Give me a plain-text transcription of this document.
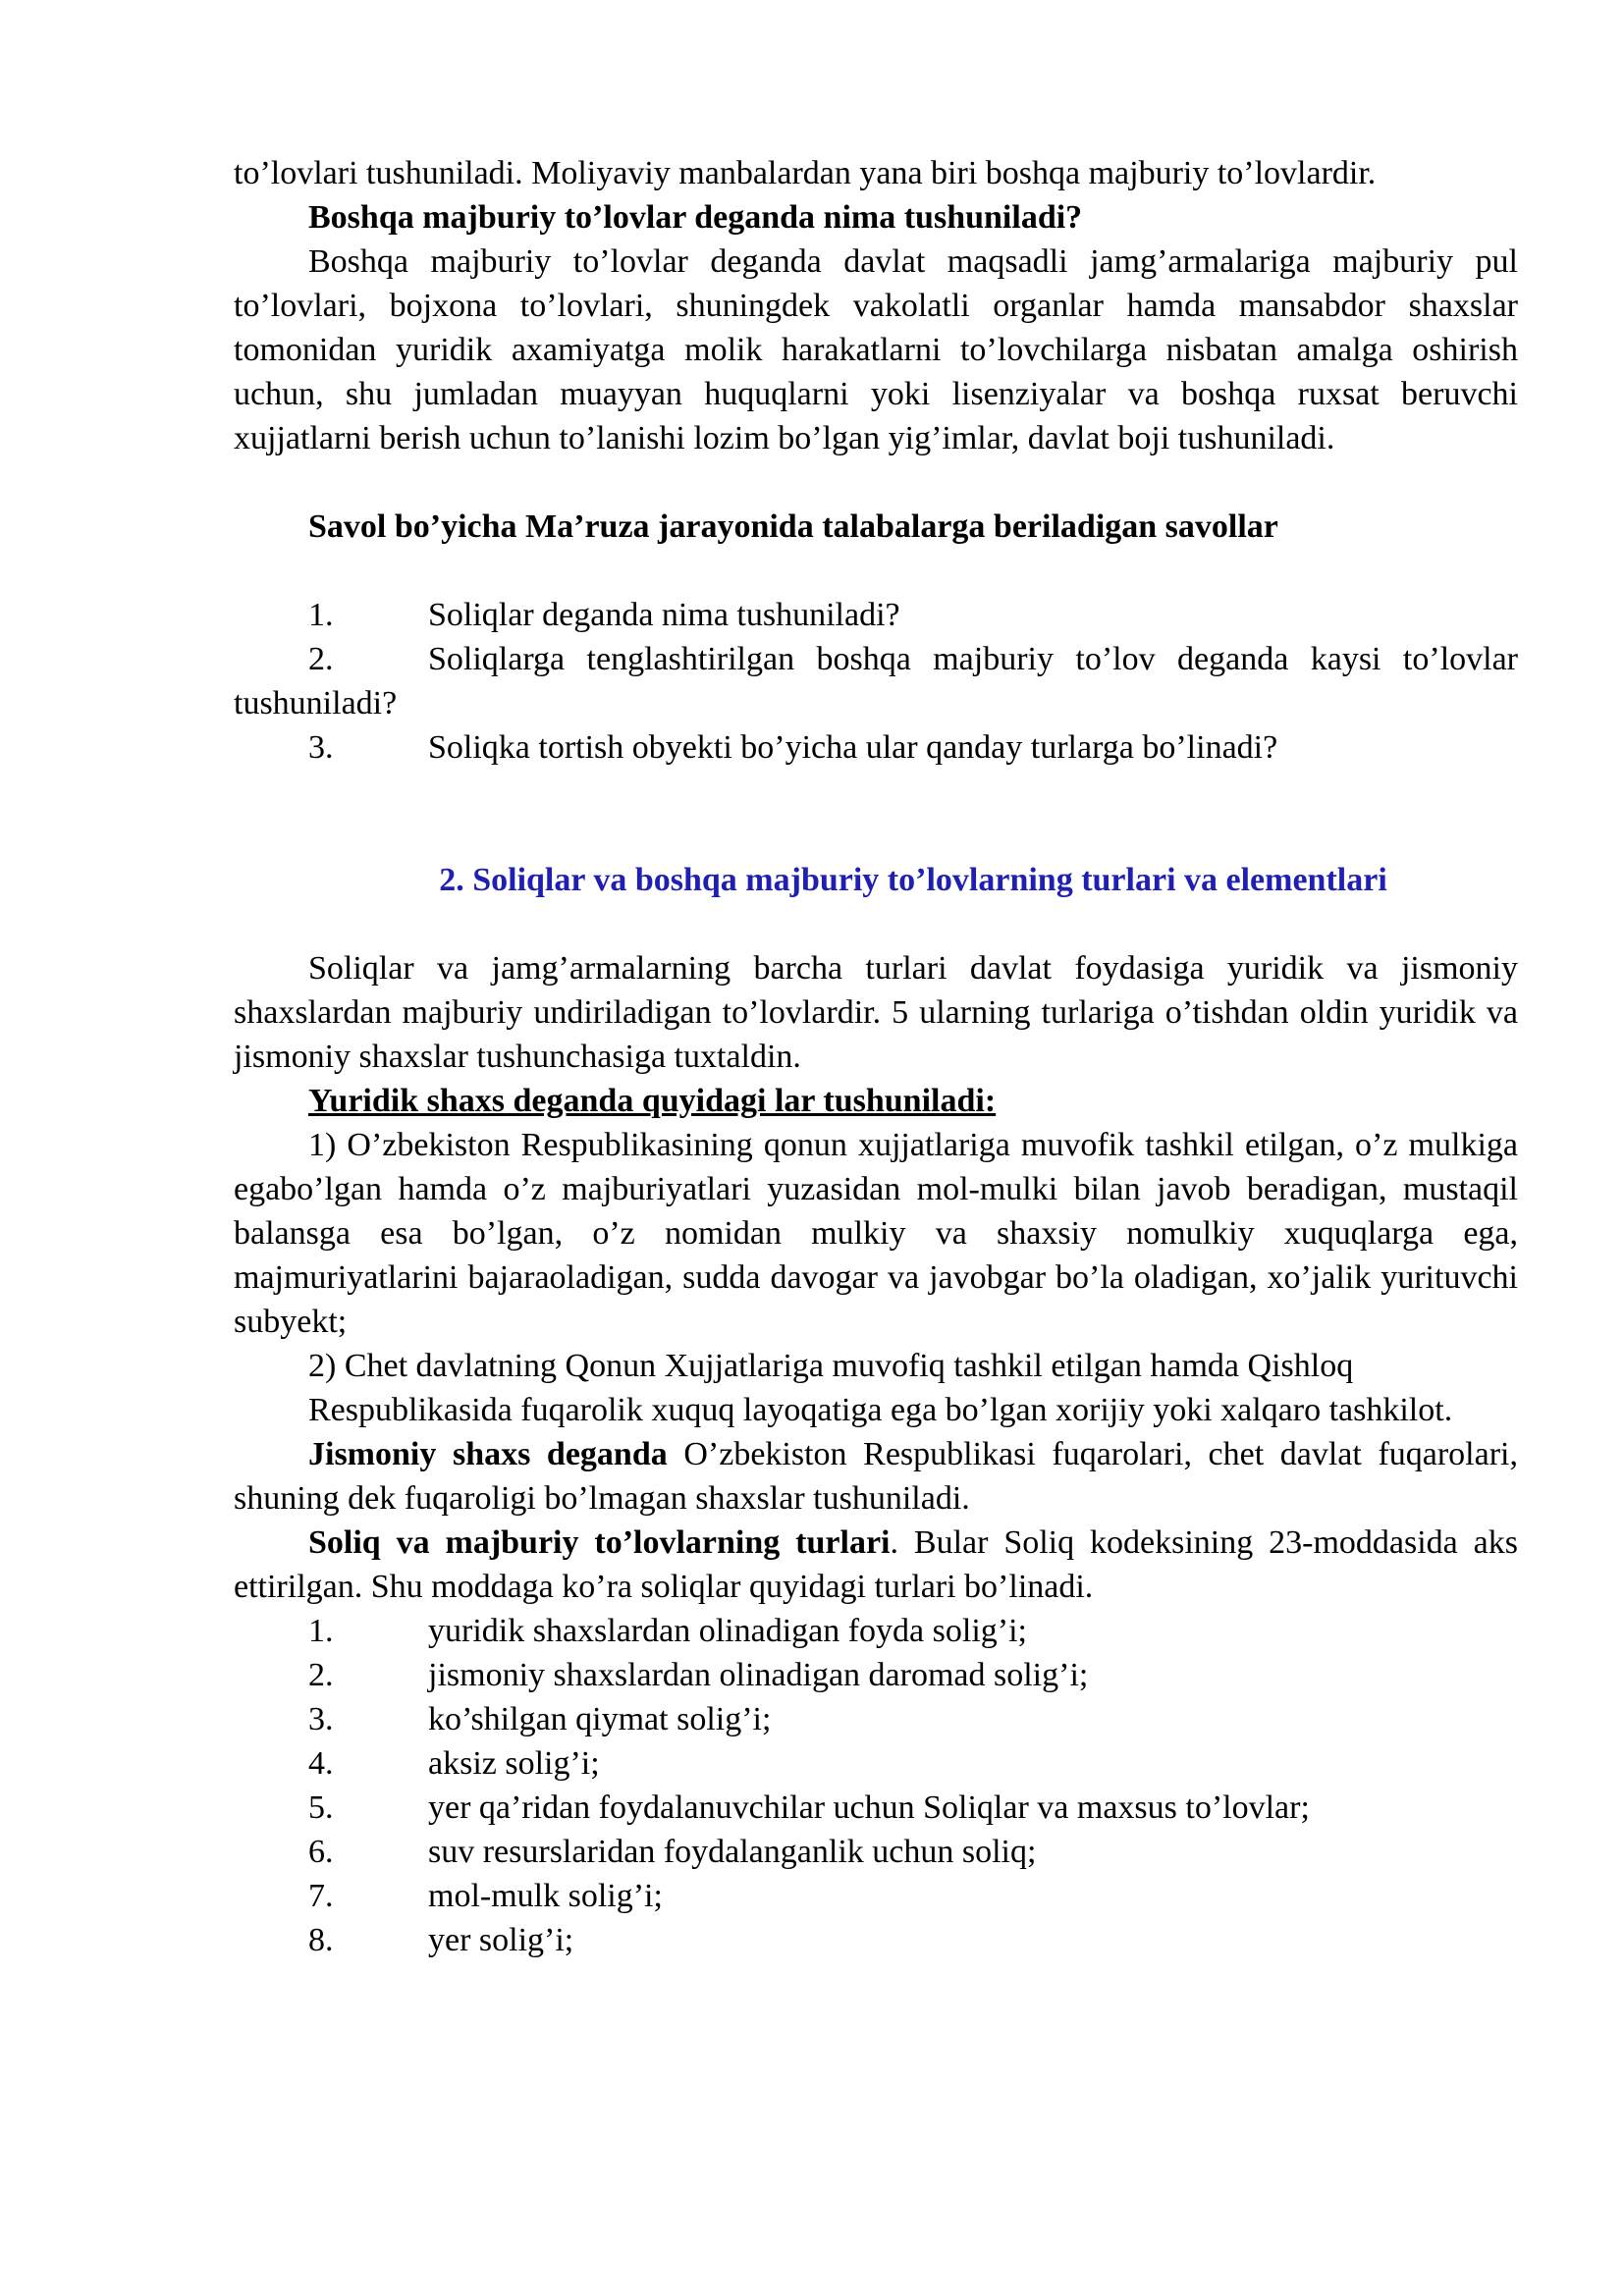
to’lovlari tushuniladi. Moliyaviy manbalardan yana biri boshqa majburiy to’lovlardir.

Boshqa majburiy to’lovlar deganda nima tushuniladi?

Boshqa majburiy to’lovlar deganda davlat maqsadli jamg’armalariga majburiy pul to’lovlari, bojxona to’lovlari, shuningdek vakolatli organlar hamda mansabdor shaxslar tomonidan yuridik axamiyatga molik harakatlarni to’lovchilarga nisbatan amalga oshirish uchun, shu jumladan muayyan huquqlarni yoki lisenziyalar va boshqa ruxsat beruvchi xujjatlarni berish uchun to’lanishi lozim bo’lgan yig’imlar, davlat boji tushuniladi.

Savol bo’yicha Ma’ruza jarayonida talabalarga beriladigan savollar

1.	Soliqlar deganda nima tushuniladi?

2.	Soliqlarga tenglashtirilgan boshqa majburiy to’lov deganda kaysi to’lovlar tushuniladi?

3.	Soliqka tortish obyekti bo’yicha ular qanday turlarga bo’linadi?

2. Soliqlar va boshqa majburiy to’lovlarning turlari va elementlari

Soliqlar va jamg’armalarning barcha turlari davlat foydasiga yuridik va jismoniy shaxslardan majburiy undiriladigan to’lovlardir. 5 ularning turlariga o’tishdan oldin yuridik va jismoniy shaxslar tushunchasiga tuxtaldin.

Yuridik shaxs deganda quyidagi lar tushuniladi:

1) O’zbekiston Respublikasining qonun xujjatlariga muvofik tashkil etilgan, o’z mulkiga egabo’lgan hamda o’z majburiyatlari yuzasidan mol-mulki bilan javob beradigan, mustaqil balansga esa bo’lgan, o’z nomidan mulkiy va shaxsiy nomulkiy xuquqlarga ega, majmuriyatlarini bajaraoladigan, sudda davogar va javobgar bo’la oladigan, xo’jalik yurituvchi subyekt;

2) Chet davlatning Qonun Xujjatlariga muvofiq tashkil etilgan hamda Qishloq

Respublikasida fuqarolik xuquq layoqatiga ega bo’lgan xorijiy yoki xalqaro tashkilot.

Jismoniy shaxs deganda O’zbekiston Respublikasi fuqarolari, chet davlat fuqarolari, shuning dek fuqaroligi bo’lmagan shaxslar tushuniladi.

Soliq va majburiy to’lovlarning turlari. Bular Soliq kodeksining 23-moddasida aks ettirilgan. Shu moddaga ko’ra soliqlar quyidagi turlari bo’linadi.

1.	yuridik shaxslardan olinadigan foyda solig’i;

2.	jismoniy shaxslardan olinadigan daromad solig’i;

3.	ko’shilgan qiymat solig’i;

4.	aksiz solig’i;

5.	yer qa’ridan foydalanuvchilar uchun Soliqlar va maxsus to’lovlar;

6.	suv resurslaridan foydalanganlik uchun soliq;

7.	mol-mulk solig’i;

8.	yer solig’i;
